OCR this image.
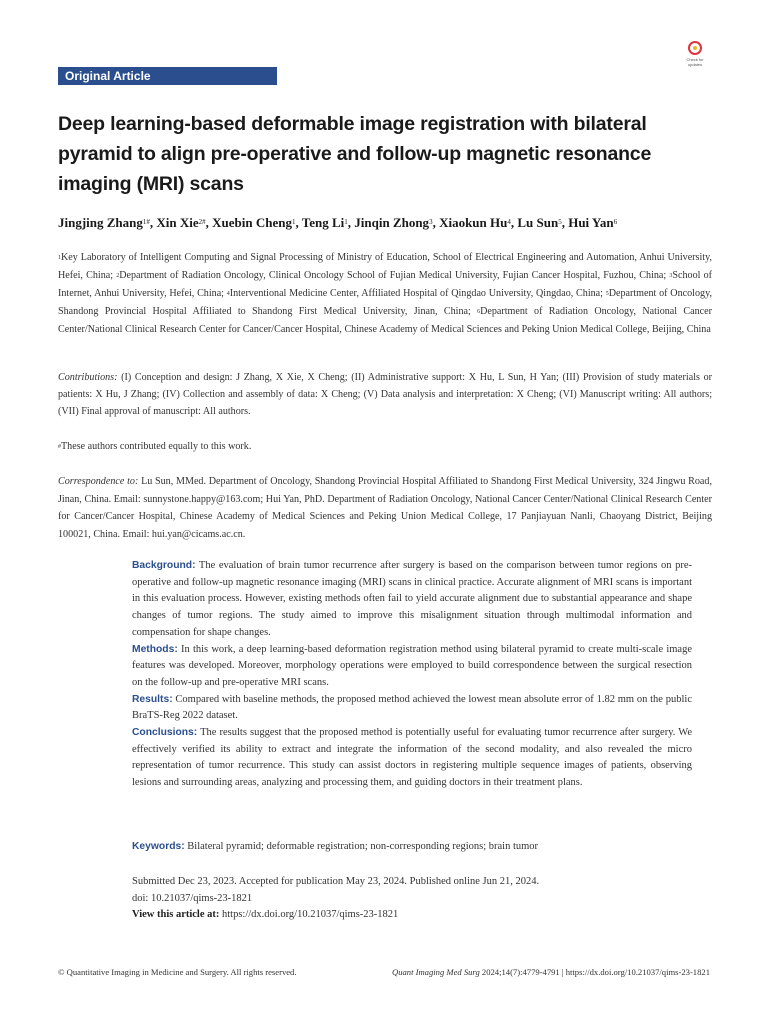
Original Article
Check for updates
Deep learning-based deformable image registration with bilateral pyramid to align pre-operative and follow-up magnetic resonance imaging (MRI) scans
Jingjing Zhang$^{1\#}$, Xin Xie$^{2\#}$, Xuebin Cheng$^1$, Teng Li$^1$, Jinqin Zhong$^3$, Xiaokun Hu$^4$, Lu Sun$^5$, Hui Yan$^6$
$^1$Key Laboratory of Intelligent Computing and Signal Processing of Ministry of Education, School of Electrical Engineering and Automation, Anhui University, Hefei, China; $^2$Department of Radiation Oncology, Clinical Oncology School of Fujian Medical University, Fujian Cancer Hospital, Fuzhou, China; $^3$School of Internet, Anhui University, Hefei, China; $^4$Interventional Medicine Center, Affiliated Hospital of Qingdao University, Qingdao, China; $^5$Department of Oncology, Shandong Provincial Hospital Affiliated to Shandong First Medical University, Jinan, China; $^6$Department of Radiation Oncology, National Cancer Center/National Clinical Research Center for Cancer/Cancer Hospital, Chinese Academy of Medical Sciences and Peking Union Medical College, Beijing, China
Contributions: (I) Conception and design: J Zhang, X Xie, X Cheng; (II) Administrative support: X Hu, L Sun, H Yan; (III) Provision of study materials or patients: X Hu, J Zhang; (IV) Collection and assembly of data: X Cheng; (V) Data analysis and interpretation: X Cheng; (VI) Manuscript writing: All authors; (VII) Final approval of manuscript: All authors.
#These authors contributed equally to this work.
Correspondence to: Lu Sun, MMed. Department of Oncology, Shandong Provincial Hospital Affiliated to Shandong First Medical University, 324 Jingwu Road, Jinan, China. Email: sunnystone.happy@163.com; Hui Yan, PhD. Department of Radiation Oncology, National Cancer Center/National Clinical Research Center for Cancer/Cancer Hospital, Chinese Academy of Medical Sciences and Peking Union Medical College, 17 Panjiayuan Nanli, Chaoyang District, Beijing 100021, China. Email: hui.yan@cicams.ac.cn.

Background: The evaluation of brain tumor recurrence after surgery is based on the comparison between tumor regions on pre-operative and follow-up magnetic resonance imaging (MRI) scans in clinical practice. Accurate alignment of MRI scans is important in this evaluation process. However, existing methods often fail to yield accurate alignment due to substantial appearance and shape changes of tumor regions. The study aimed to improve this misalignment situation through multimodal information and compensation for shape changes.

Methods: In this work, a deep learning-based deformation registration method using bilateral pyramid to create multi-scale image features was developed. Moreover, morphology operations were employed to build correspondence between the surgical resection on the follow-up and pre-operative MRI scans.

Results: Compared with baseline methods, the proposed method achieved the lowest mean absolute error of 1.82 mm on the public BraTS-Reg 2022 dataset.

Conclusions: The results suggest that the proposed method is potentially useful for evaluating tumor recurrence after surgery. We effectively verified its ability to extract and integrate the information of the second modality, and also revealed the micro representation of tumor recurrence. This study can assist doctors in registering multiple sequence images of patients, observing lesions and surrounding areas, analyzing and processing them, and guiding doctors in their treatment plans.

Keywords: Bilateral pyramid; deformable registration; non-corresponding regions; brain tumor
Submitted Dec 23, 2023. Accepted for publication May 23, 2024. Published online Jun 21, 2024.
doi: 10.21037/qims-23-1821
View this article at: https://dx.doi.org/10.21037/qims-23-1821
© Quantitative Imaging in Medicine and Surgery. All rights reserved.	Quant Imaging Med Surg 2024;14(7):4779-4791 | https://dx.doi.org/10.21037/qims-23-1821
